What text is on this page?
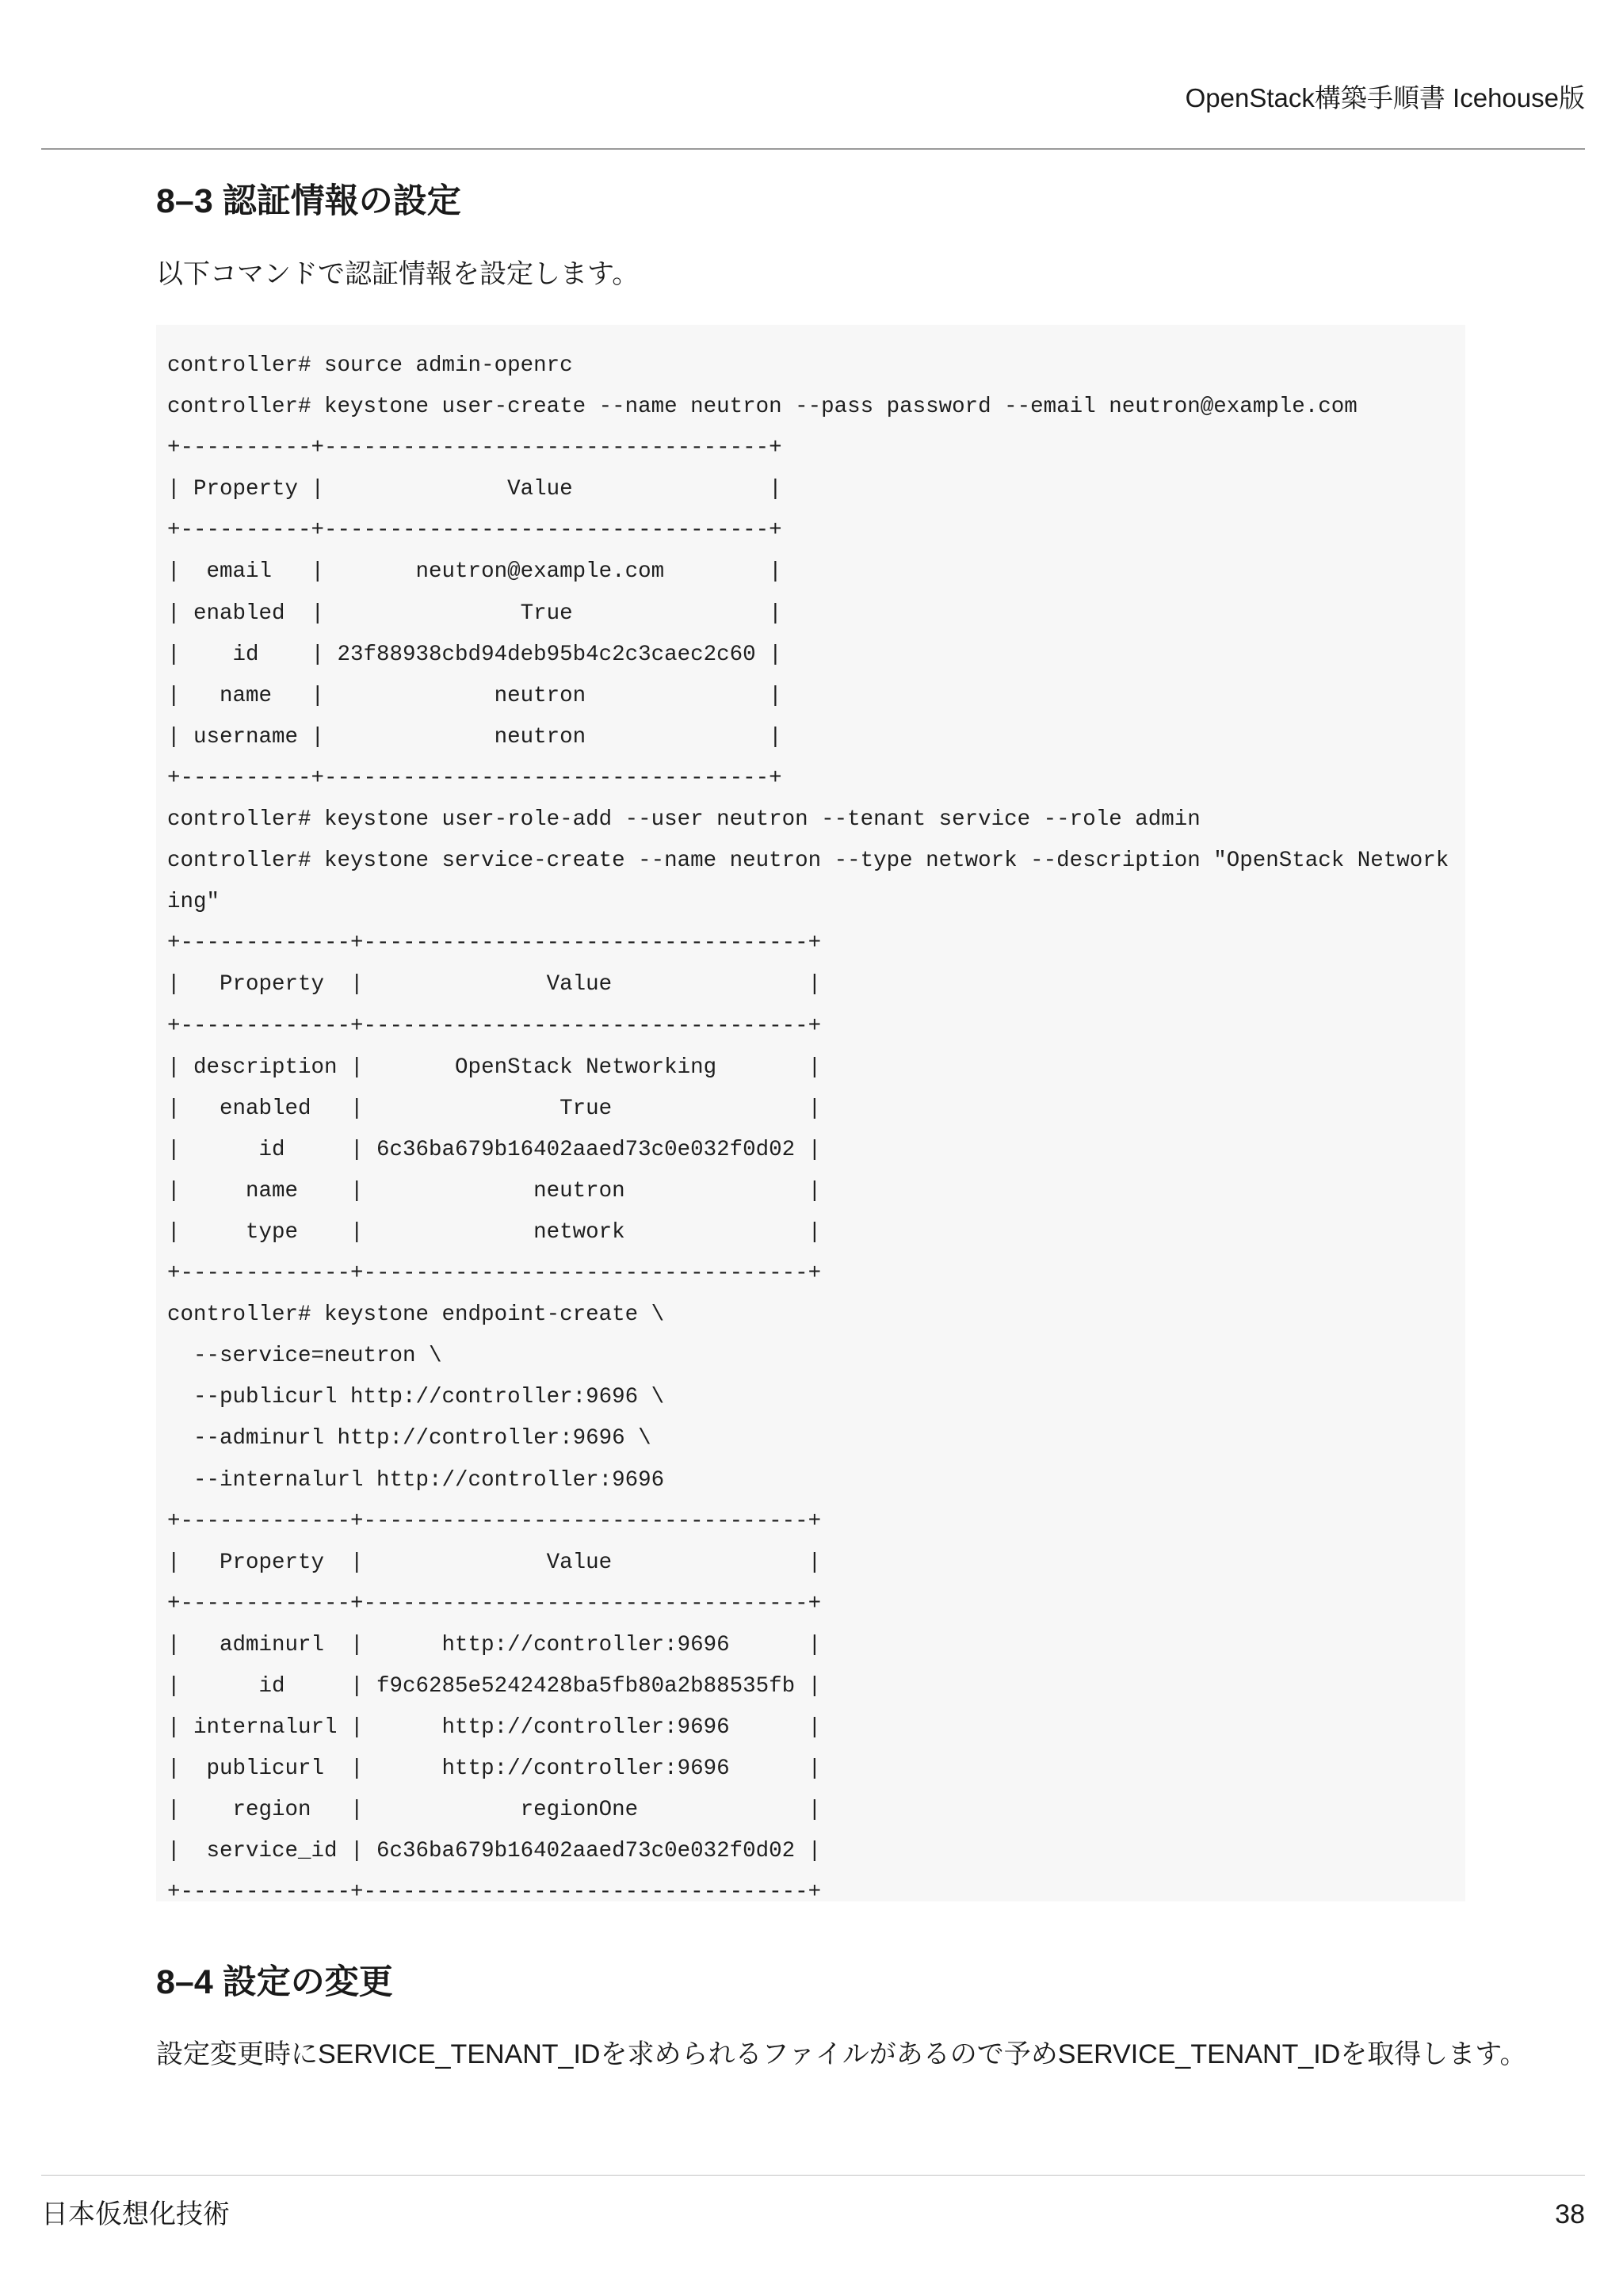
OpenStack構築手順書 Icehouse版
8–3 認証情報の設定
以下コマンドで認証情報を設定します。
controller# source admin-openrc
controller# keystone user-create --name neutron --pass password --email neutron@example.com
+----------+----------------------------------+
| Property |              Value               |
+----------+----------------------------------+
|  email   |       neutron@example.com        |
| enabled  |               True               |
|    id    | 23f88938cbd94deb95b4c2c3caec2c60 |
|   name   |             neutron              |
| username |             neutron              |
+----------+----------------------------------+
controller# keystone user-role-add --user neutron --tenant service --role admin
controller# keystone service-create --name neutron --type network --description "OpenStack Network
ing"
+-------------+----------------------------------+
|   Property  |              Value               |
+-------------+----------------------------------+
| description |       OpenStack Networking       |
|   enabled   |               True               |
|      id     | 6c36ba679b16402aaed73c0e032f0d02 |
|     name    |             neutron              |
|     type    |             network              |
+-------------+----------------------------------+
controller# keystone endpoint-create \
--service=neutron \
--publicurl http://controller:9696 \
--adminurl http://controller:9696 \
--internalurl http://controller:9696
+-------------+----------------------------------+
|   Property  |              Value               |
+-------------+----------------------------------+
|   adminurl  |      http://controller:9696      |
|      id     | f9c6285e5242428ba5fb80a2b88535fb |
| internalurl |      http://controller:9696      |
|  publicurl  |      http://controller:9696      |
|    region   |            regionOne             |
|  service_id | 6c36ba679b16402aaed73c0e032f0d02 |
+-------------+----------------------------------+
8–4 設定の変更
設定変更時にSERVICE_TENANT_IDを求められるファイルがあるので予めSERVICE_TENANT_IDを取得します。
日本仮想化技術	38
